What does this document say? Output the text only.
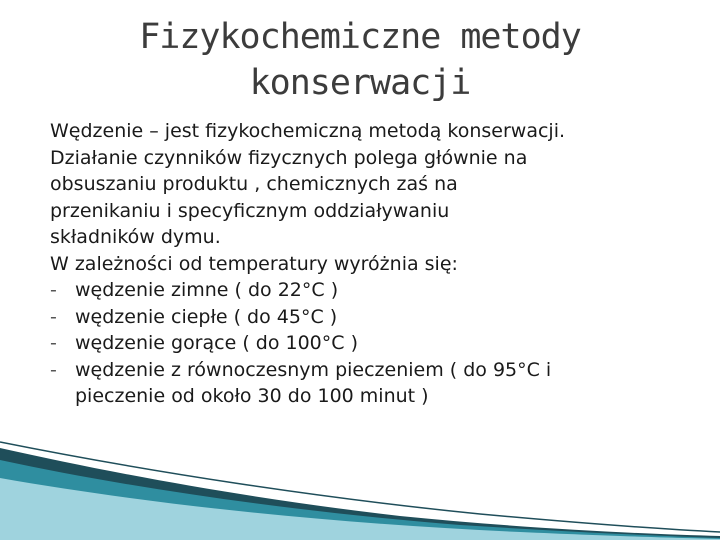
Fizykochemiczne metody
konserwacji
Wędzenie – jest fizykochemiczną metodą konserwacji.
Działanie czynników fizycznych polega głównie na
obsuszaniu produktu , chemicznych zaś na
przenikaniu i specyficznym oddziaływaniu
składników dymu.
W zależności od temperatury wyróżnia się:
- wędzenie zimne ( do 22°C )
- wędzenie ciepłe ( do 45°C )
- wędzenie gorące ( do 100°C )
- wędzenie z równoczesnym pieczeniem ( do 95°C i
pieczenie od około 30 do 100 minut )
